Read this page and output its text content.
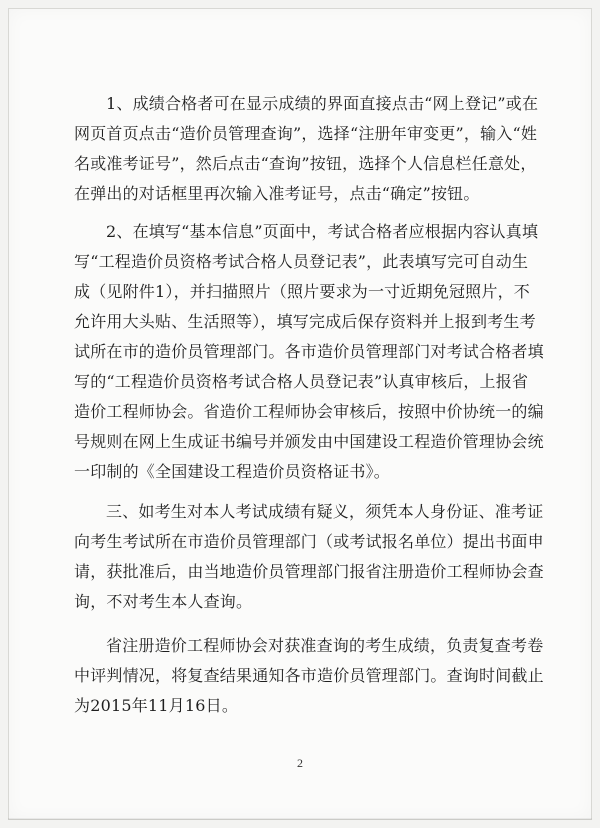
1、成绩合格者可在显示成绩的界面直接点击“网上登记”或在网页首页点击“造价员管理查询”，选择“注册年审变更”，输入“姓名或准考证号”，然后点击“查询”按钮，选择个人信息栏任意处，在弹出的对话框里再次输入准考证号，点击“确定”按钮。

2、在填写“基本信息”页面中，考试合格者应根据内容认真填写“工程造价员资格考试合格人员登记表”，此表填写完可自动生成（见附件1），并扫描照片（照片要求为一寸近期免冠照片，不允许用大头贴、生活照等），填写完成后保存资料并上报到考生考试所在市的造价员管理部门。各市造价员管理部门对考试合格者填写的“工程造价员资格考试合格人员登记表”认真审核后，上报省造价工程师协会。省造价工程师协会审核后，按照中价协统一的编号规则在网上生成证书编号并颁发由中国建设工程造价管理协会统一印制的《全国建设工程造价员资格证书》。

三、如考生对本人考试成绩有疑义，须凭本人身份证、准考证向考生考试所在市造价员管理部门（或考试报名单位）提出书面申请，获批准后，由当地造价员管理部门报省注册造价工程师协会查询，不对考生本人查询。

省注册造价工程师协会对获准查询的考生成绩，负责复查考卷中评判情况，将复查结果通知各市造价员管理部门。查询时间截止为2015年11月16日。

2
